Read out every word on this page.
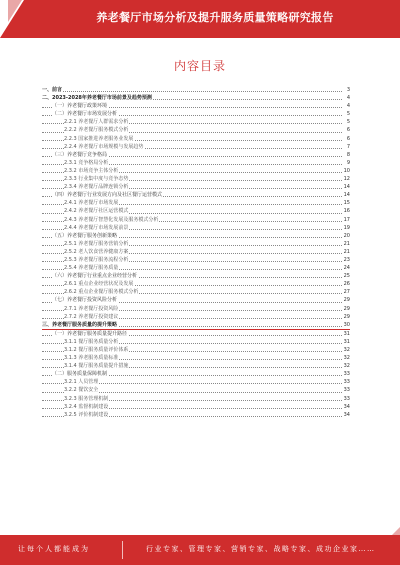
养老餐厅市场分析及提升服务质量策略研究报告
内容目录
一、前言	3
二、2023-2028年养老餐厅市场前景及趋势预测	4
（一）养老餐厅政策环境	4
（二）养老餐厅市场发展分析	5
2.2.1 养老餐厅人群需求分析	5
2.2.2 养老餐厅服务模式分析	6
2.2.3 国家推进养老服务业发展	6
2.2.4 养老餐厅市场规模与发展趋势	7
（三）养老餐厅竞争格局	8
2.3.1 竞争格局分析	9
2.3.2 市场竞争主体分析	10
2.3.3 行业集中度与竞争态势	12
2.3.4 养老餐厅品牌连锁分析	14
（四）养老餐厅行业发展方向及社区餐厅运营模式	14
2.4.1 养老餐厅市场发展	15
2.4.2 养老餐厅社区运营模式	16
2.4.3 养老餐厅智慧化发展及服务模式分析	17
2.4.4 养老餐厅市场发展前景	19
（五）养老餐厅服务创新策略	20
2.5.1 养老餐厅服务营销分析	21
2.5.2 老人饮食营养健康方案	21
2.5.3 养老餐厅服务流程分析	23
2.5.4 养老餐厅服务质量	24
（六）养老餐厅行业重点企业经营分析	25
2.6.1 重点企业经营状况及发展	26
2.6.2 重点企业餐厅服务模式分析	27
（七）养老餐厅投资风险分析	29
2.7.1 养老餐厅投资风险	29
2.7.2 养老餐厅投资建议	29
三、养老餐厅服务质量的提升策略	30
（一）养老餐厅服务质量提升路径	31
3.1.1 餐厅服务质量分析	31
3.1.2 餐厅服务质量评价体系	32
3.1.3 养老服务质量标准	32
3.1.4 餐厅服务质量提升措施	32
（二）服务质量保障机制	33
3.2.1 人员管理	33
3.2.2 餐饮安全	33
3.2.3 服务管理机制	33
3.2.4 监督机制建设	34
3.2.5 评价机制建设	34
让每个人都能成为	行业专家、管理专家、营销专家、战略专家、成功企业家……
